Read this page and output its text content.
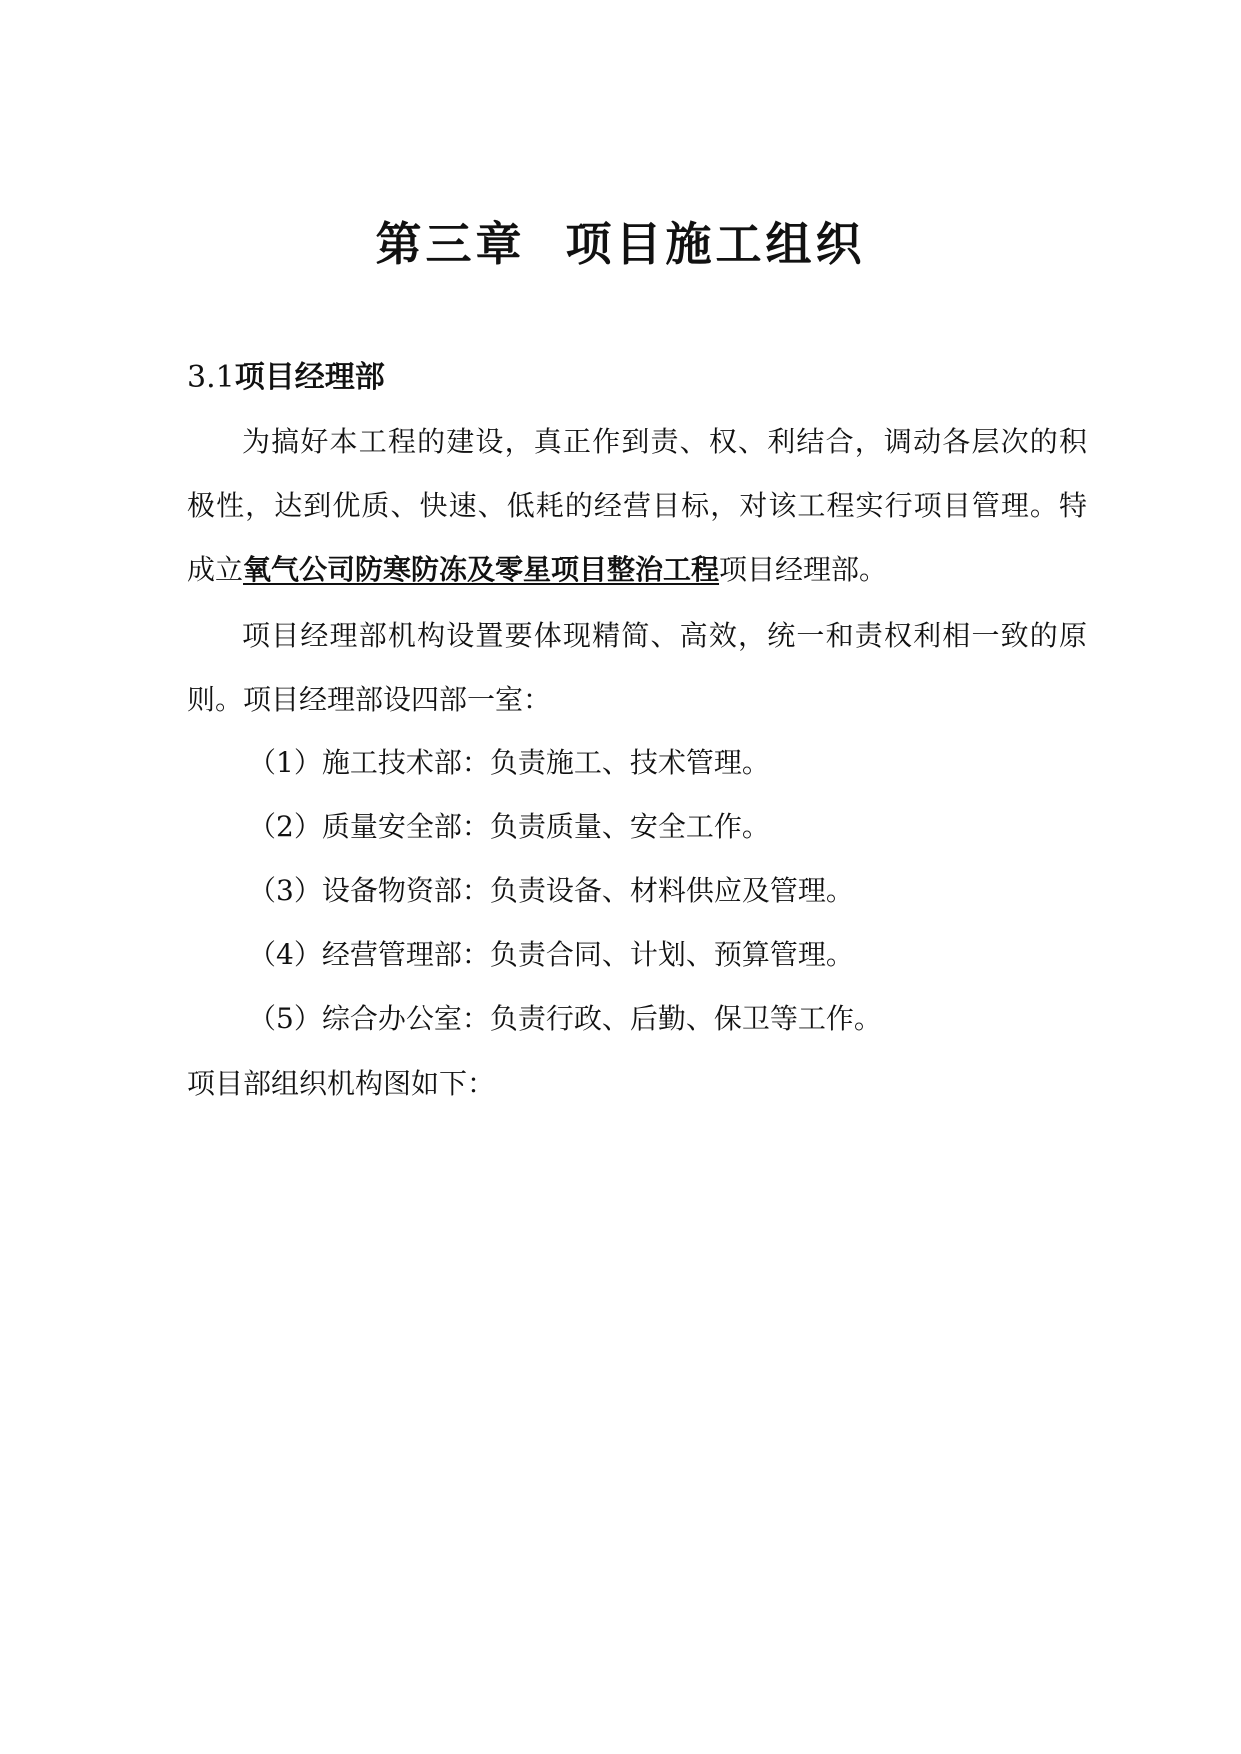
第三章  项目施工组织
3.1项目经理部
为搞好本工程的建设，真正作到责、权、利结合，调动各层次的积
极性，达到优质、快速、低耗的经营目标，对该工程实行项目管理。特
成立氧气公司防寒防冻及零星项目整治工程项目经理部。
项目经理部机构设置要体现精简、高效，统一和责权利相一致的原
则。项目经理部设四部一室：
（1）施工技术部：负责施工、技术管理。
（2）质量安全部：负责质量、安全工作。
（3）设备物资部：负责设备、材料供应及管理。
（4）经营管理部：负责合同、计划、预算管理。
（5）综合办公室：负责行政、后勤、保卫等工作。
项目部组织机构图如下：
